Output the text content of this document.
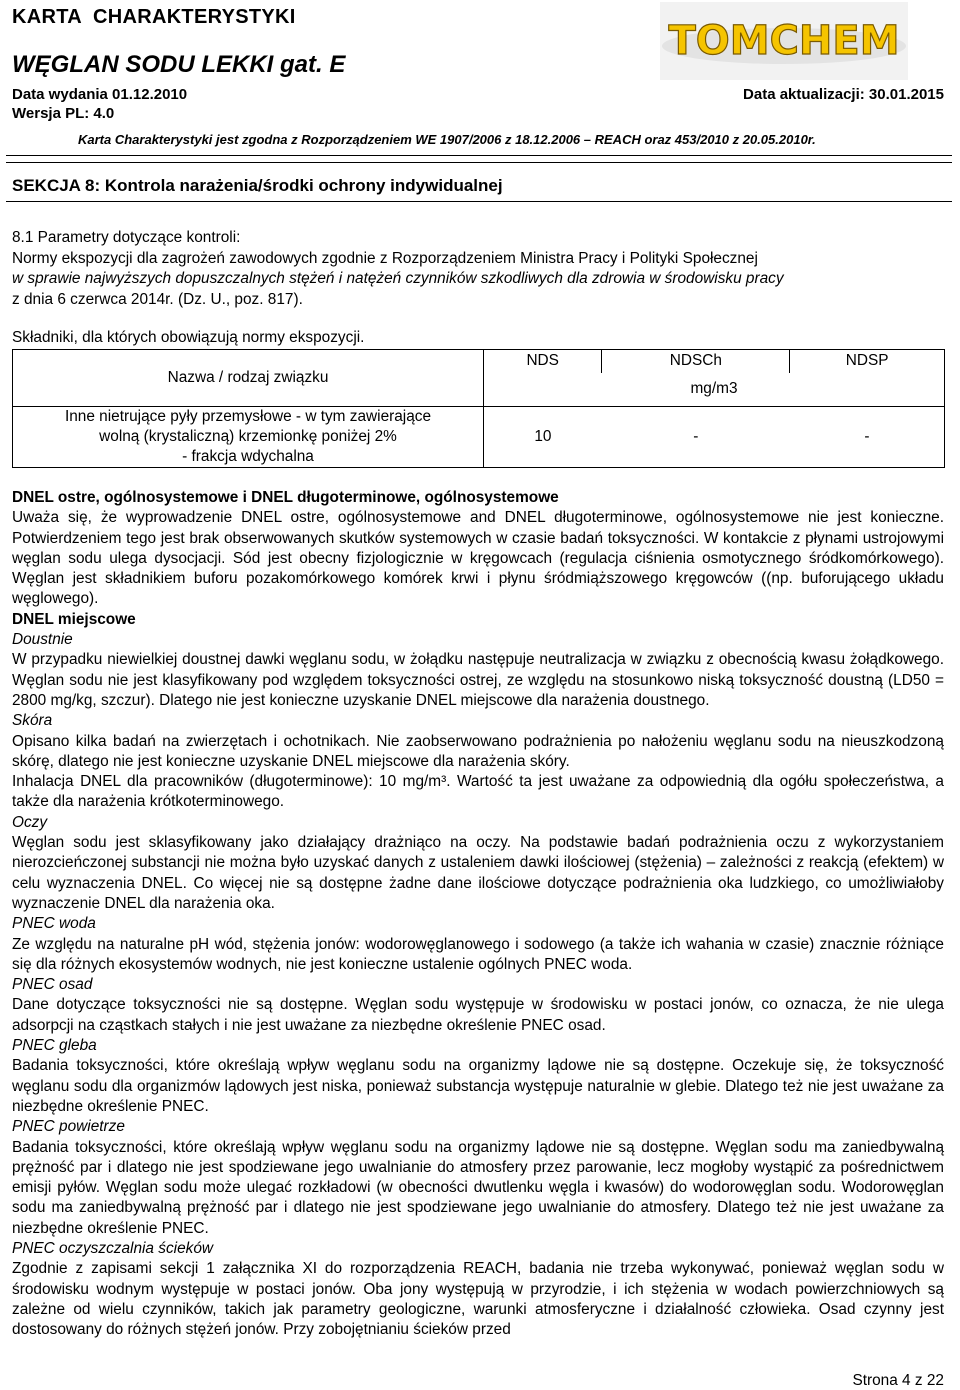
KARTA  CHARAKTERYSTYKI
WĘGLAN SODU LEKKI gat. E
Data wydania 01.12.2010	Data aktualizacji: 30.01.2015
Wersja PL: 4.0
TOMCHEM
Karta Charakterystyki jest zgodna z Rozporządzeniem WE 1907/2006 z 18.12.2006 – REACH oraz 453/2010 z 20.05.2010r.
SEKCJA 8: Kontrola narażenia/środki ochrony indywidualnej

8.1 Parametry dotyczące kontroli:

Normy ekspozycji dla zagrożeń zawodowych zgodnie z Rozporządzeniem Ministra Pracy i Polityki Społecznej

w sprawie najwyższych dopuszczalnych stężeń i natężeń czynników szkodliwych dla zdrowia w środowisku pracy

z dnia 6 czerwca 2014r. (Dz. U., poz. 817).

Składniki, dla których obowiązują normy ekspozycji.

Nazwa / rodzaj związku	NDS	NDSCh	NDSP
	mg/m3		

Inne nietrujące pyły przemysłowe - w tym zawierające
wolną (krystaliczną) krzemionkę poniżej 2%
- frakcja wdychalna	10	-	-

DNEL ostre, ogólnosystemowe i DNEL długoterminowe, ogólnosystemowe

Uważa się, że wyprowadzenie DNEL ostre, ogólnosystemowe and DNEL długoterminowe, ogólnosystemowe nie jest konieczne. Potwierdzeniem tego jest brak obserwowanych skutków systemowych w czasie badań toksyczności. W kontakcie z płynami ustrojowymi węglan sodu ulega dysocjacji. Sód jest obecny fizjologicznie w kręgowcach (regulacja ciśnienia osmotycznego śródkomórkowego). Węglan jest składnikiem buforu pozakomórkowego komórek krwi i płynu śródmiąższowego kręgowców ((np. buforującego układu węglowego).

DNEL miejscowe

Doustnie

W przypadku niewielkiej doustnej dawki węglanu sodu, w żołądku następuje neutralizacja w związku z obecnością kwasu żołądkowego. Węglan sodu nie jest klasyfikowany pod względem toksyczności ostrej, ze względu na stosunkowo niską toksyczność doustną (LD50 = 2800 mg/kg, szczur). Dlatego nie jest konieczne uzyskanie DNEL miejscowe dla narażenia doustnego.

Skóra

Opisano kilka badań na zwierzętach i ochotnikach. Nie zaobserwowano podrażnienia po nałożeniu węglanu sodu na nieuszkodzoną skórę, dlatego nie jest konieczne uzyskanie DNEL miejscowe dla narażenia skóry.

Inhalacja DNEL dla pracowników (długoterminowe): 10 mg/m³. Wartość ta jest uważane za odpowiednią dla ogółu społeczeństwa, a także dla narażenia krótkoterminowego.

Oczy

Węglan sodu jest sklasyfikowany jako działający drażniąco na oczy. Na podstawie badań podrażnienia oczu z wykorzystaniem nierozcieńczonej substancji nie można było uzyskać danych z ustaleniem dawki ilościowej (stężenia) – zależności z reakcją (efektem) w celu wyznaczenia DNEL. Co więcej nie są dostępne żadne dane ilościowe dotyczące podrażnienia oka ludzkiego, co umożliwiałoby wyznaczenie DNEL dla narażenia oka.

PNEC woda

Ze względu na naturalne pH wód, stężenia jonów: wodorowęglanowego i sodowego (a także ich wahania w czasie) znacznie różniące się dla różnych ekosystemów wodnych, nie jest konieczne ustalenie ogólnych PNEC woda.

PNEC osad

Dane dotyczące toksyczności nie są dostępne. Węglan sodu występuje w środowisku w postaci jonów, co oznacza, że nie ulega adsorpcji na cząstkach stałych i nie jest uważane za niezbędne określenie PNEC osad.

PNEC gleba

Badania toksyczności, które określają wpływ węglanu sodu na organizmy lądowe nie są dostępne. Oczekuje się, że toksyczność węglanu sodu dla organizmów lądowych jest niska, ponieważ substancja występuje naturalnie w glebie. Dlatego też nie jest uważane za niezbędne określenie PNEC.

PNEC powietrze

Badania toksyczności, które określają wpływ węglanu sodu na organizmy lądowe nie są dostępne. Węglan sodu ma zaniedbywalną prężność par i dlatego nie jest spodziewane jego uwalnianie do atmosfery przez parowanie, lecz mogłoby wystąpić za pośrednictwem emisji pyłów. Węglan sodu może ulegać rozkładowi (w obecności dwutlenku węgla i kwasów) do wodorowęglan sodu. Wodorowęglan sodu ma zaniedbywalną prężność par i dlatego nie jest spodziewane jego uwalnianie do atmosfery. Dlatego też nie jest uważane za niezbędne określenie PNEC.

PNEC oczyszczalnia ścieków

Zgodnie z zapisami sekcji 1 załącznika XI do rozporządzenia REACH, badania nie trzeba wykonywać, ponieważ węglan sodu w środowisku wodnym występuje w postaci jonów. Oba jony występują w przyrodzie, i ich stężenia w wodach powierzchniowych są zależne od wielu czynników, takich jak parametry geologiczne, warunki atmosferyczne i działalność człowieka. Osad czynny jest dostosowany do różnych stężeń jonów. Przy zobojętnianiu ścieków przed

Strona 4 z 22
